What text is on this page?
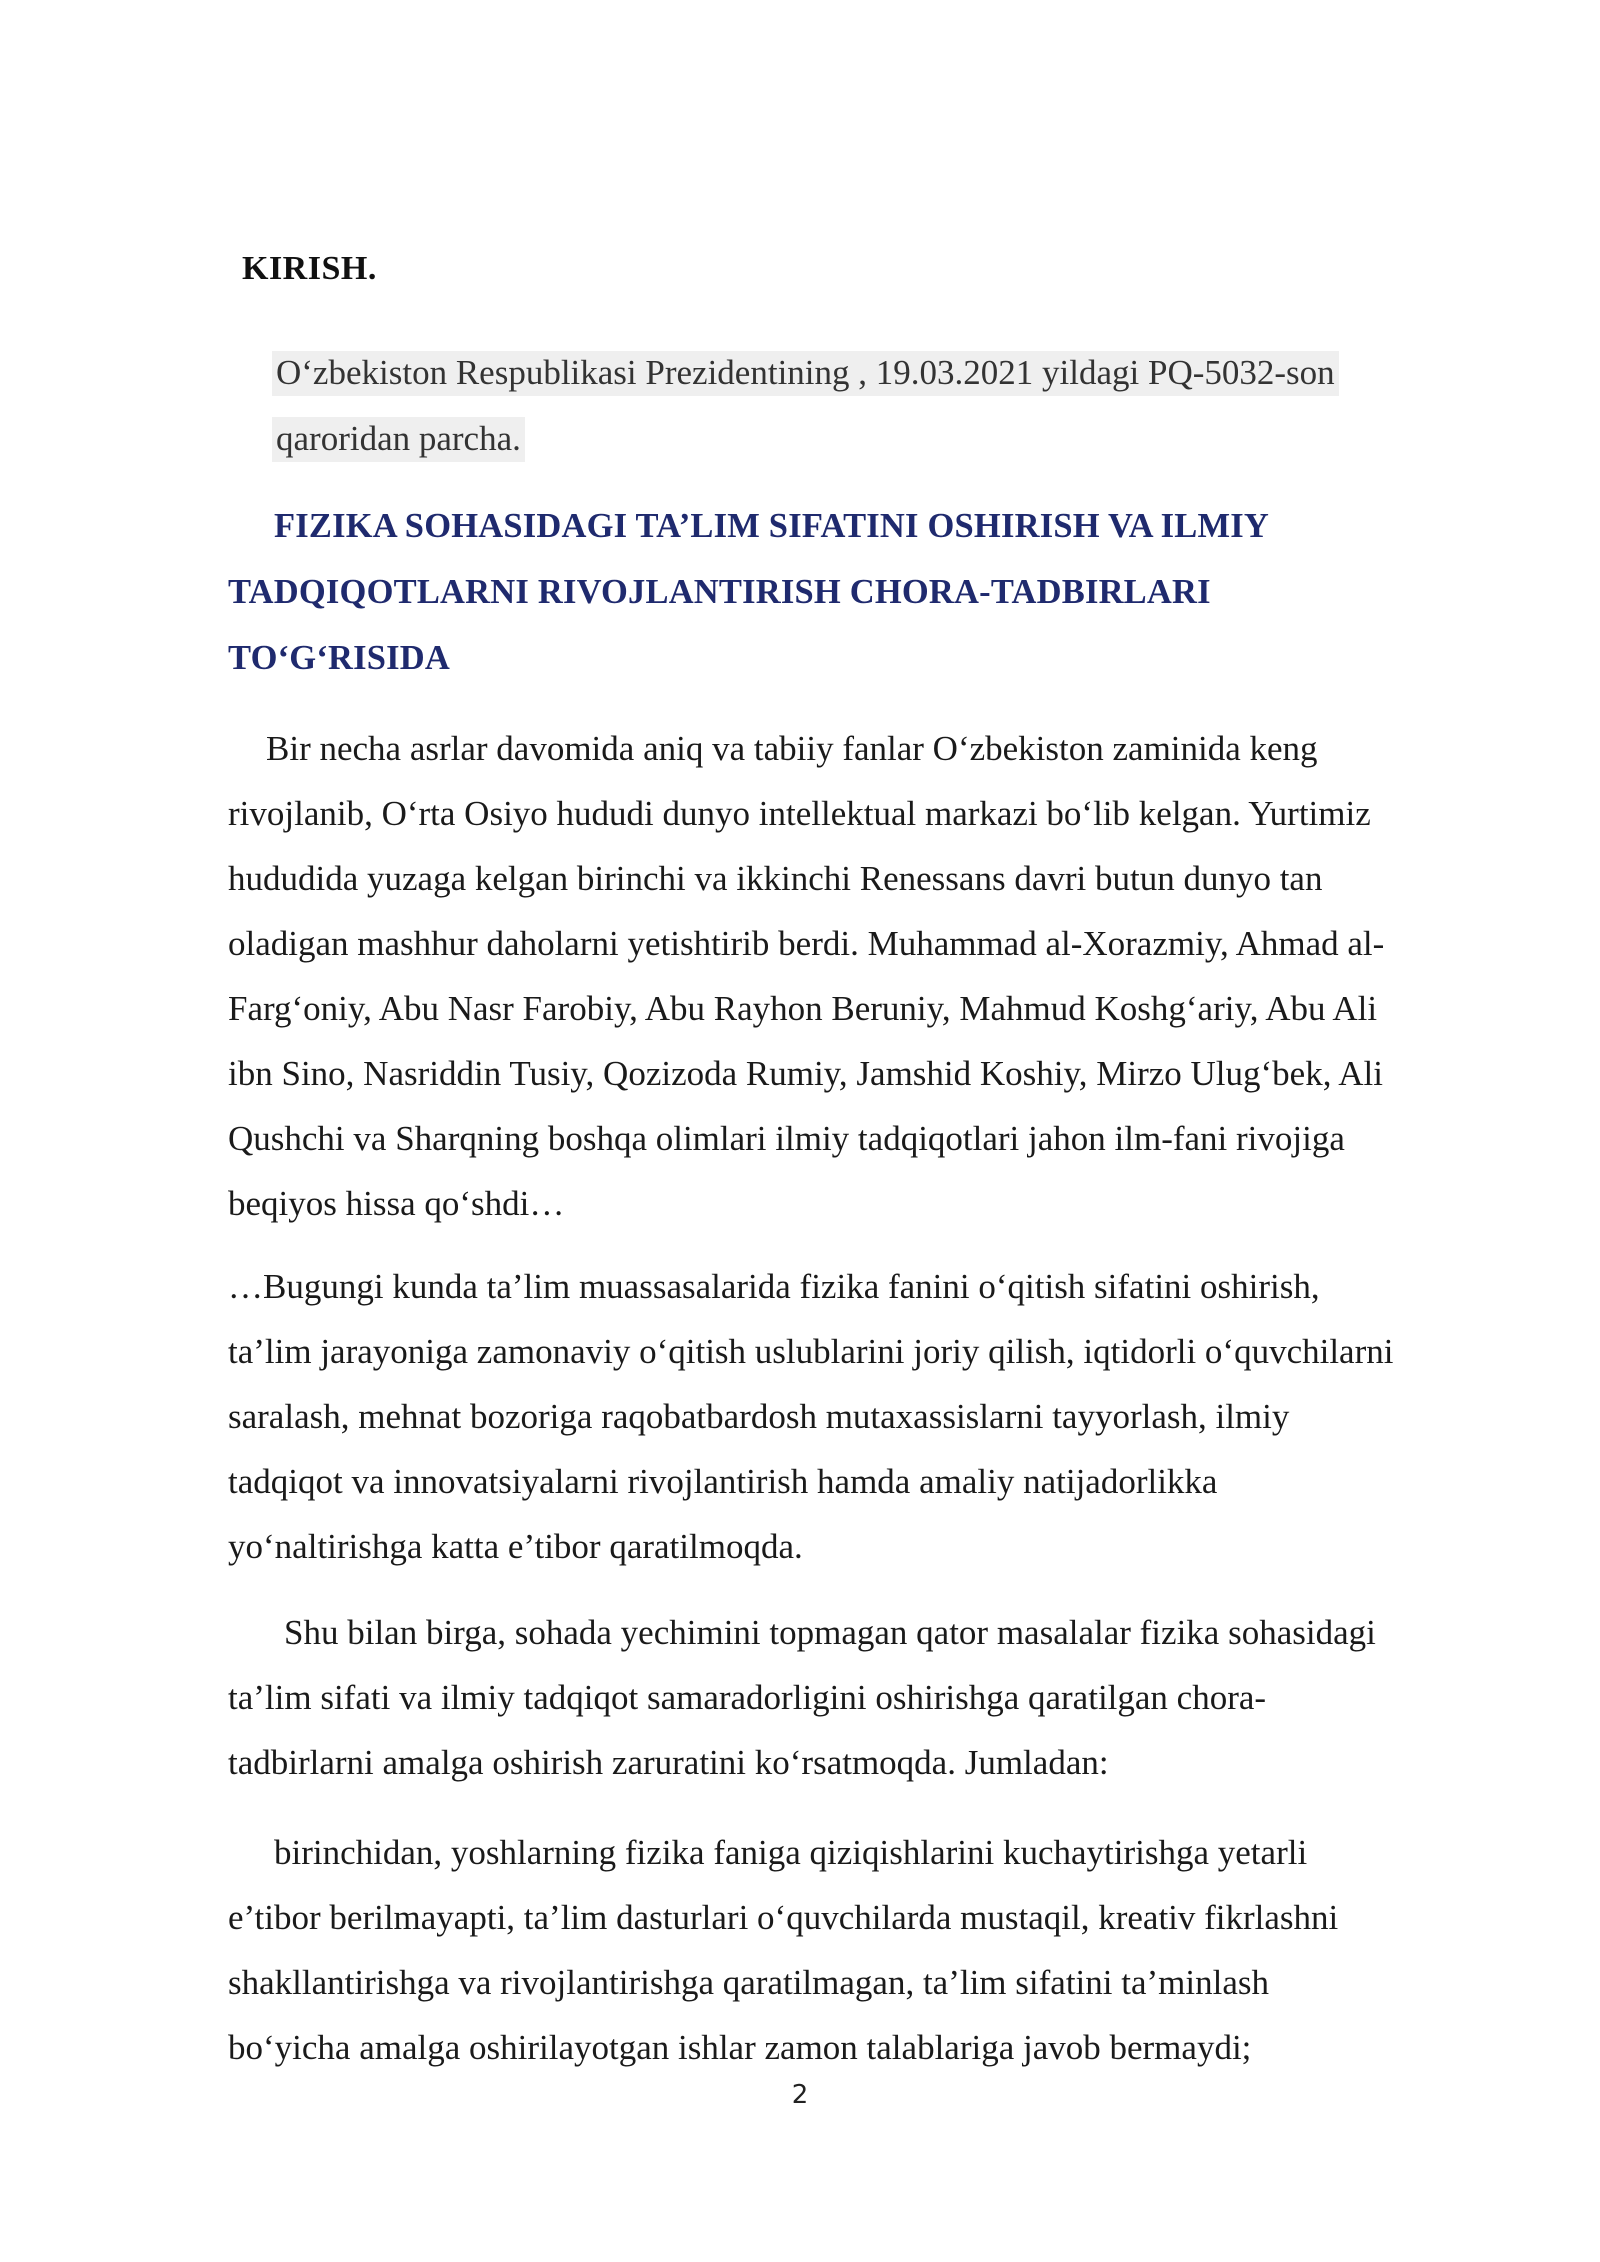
KIRISH.
O‘zbekiston Respublikasi Prezidentining , 19.03.2021 yildagi PQ-5032-son
qaroridan parcha.
FIZIKA SOHASIDAGI TA’LIM SIFATINI OSHIRISH VA ILMIY
TADQIQOTLARNI RIVOJLANTIRISH CHORA-TADBIRLARI
TO‘G‘RISIDA
Bir necha asrlar davomida aniq va tabiiy fanlar O‘zbekiston zaminida keng
rivojlanib, O‘rta Osiyo hududi dunyo intellektual markazi bo‘lib kelgan. Yurtimiz
hududida yuzaga kelgan birinchi va ikkinchi Renessans davri butun dunyo tan
oladigan mashhur daholarni yetishtirib berdi. Muhammad al-Xorazmiy, Ahmad al-
Farg‘oniy, Abu Nasr Farobiy, Abu Rayhon Beruniy, Mahmud Koshg‘ariy, Abu Ali
ibn Sino, Nasriddin Tusiy, Qozizoda Rumiy, Jamshid Koshiy, Mirzo Ulug‘bek, Ali
Qushchi va Sharqning boshqa olimlari ilmiy tadqiqotlari jahon ilm-fani rivojiga
beqiyos hissa qo‘shdi…
…Bugungi kunda ta’lim muassasalarida fizika fanini o‘qitish sifatini oshirish,
ta’lim jarayoniga zamonaviy o‘qitish uslublarini joriy qilish, iqtidorli o‘quvchilarni
saralash, mehnat bozoriga raqobatbardosh mutaxassislarni tayyorlash, ilmiy
tadqiqot va innovatsiyalarni rivojlantirish hamda amaliy natijadorlikka
yo‘naltirishga katta e’tibor qaratilmoqda.
Shu bilan birga, sohada yechimini topmagan qator masalalar fizika sohasidagi
ta’lim sifati va ilmiy tadqiqot samaradorligini oshirishga qaratilgan chora-
tadbirlarni amalga oshirish zaruratini ko‘rsatmoqda. Jumladan:
birinchidan, yoshlarning fizika faniga qiziqishlarini kuchaytirishga yetarli
e’tibor berilmayapti, ta’lim dasturlari o‘quvchilarda mustaqil, kreativ fikrlashni
shakllantirishga va rivojlantirishga qaratilmagan, ta’lim sifatini ta’minlash
bo‘yicha amalga oshirilayotgan ishlar zamon talablariga javob bermaydi;
2
